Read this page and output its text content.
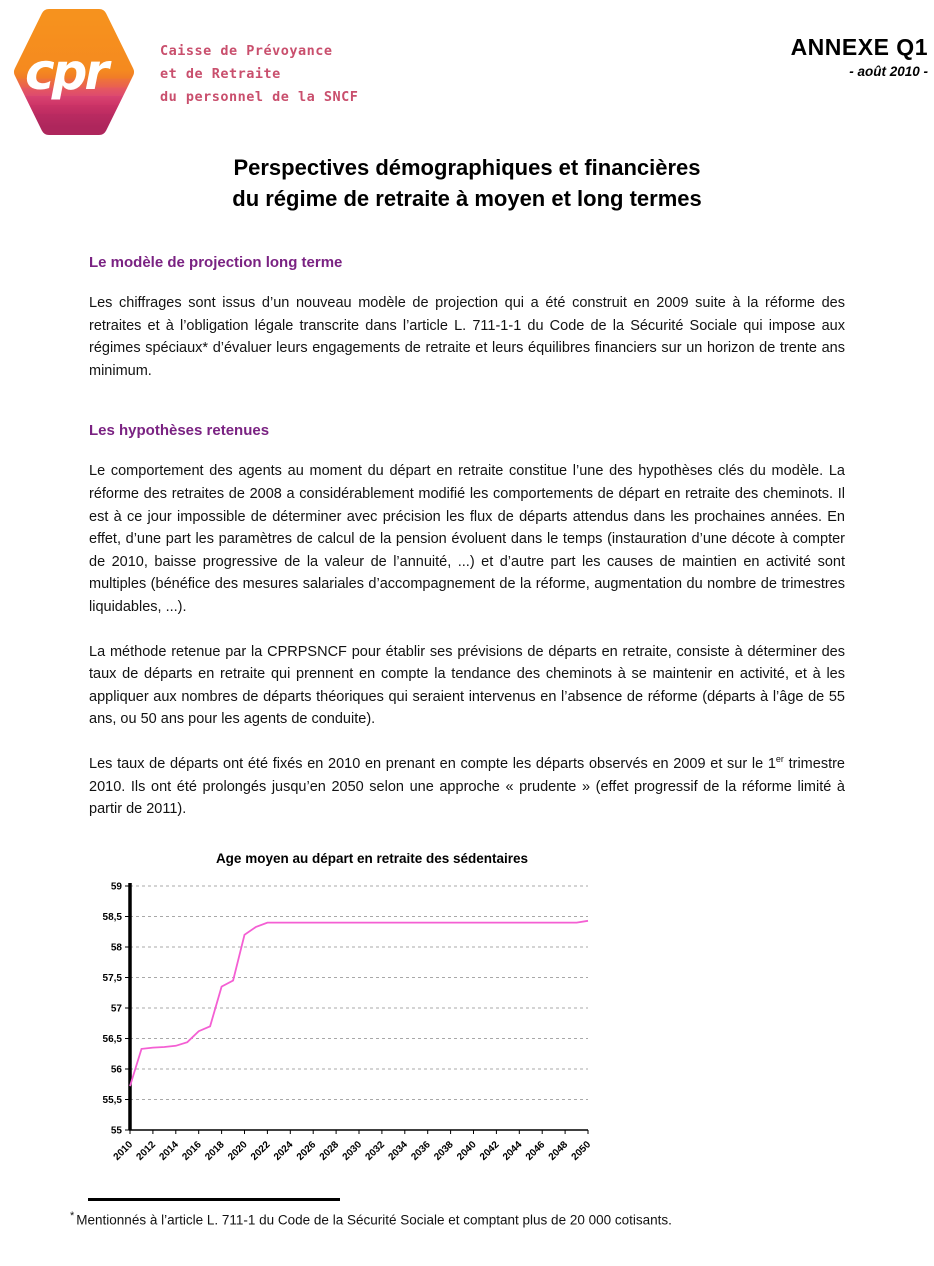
cpr	Caisse de Prévoyance
et de Retraite
du personnel de la SNCF
ANNEXE Q1
- août 2010 -
Perspectives démographiques et financières
du régime de retraite à moyen et long termes
Le modèle de projection long terme

Les chiffrages sont issus d’un nouveau modèle de projection qui a été construit en 2009 suite à la réforme des retraites et à l’obligation légale transcrite dans l’article L. 711-1-1 du Code de la Sécurité Sociale qui impose aux régimes spéciaux* d’évaluer leurs engagements de retraite et leurs équilibres financiers sur un horizon de trente ans minimum.

Les hypothèses retenues

Le comportement des agents au moment du départ en retraite constitue l’une des hypothèses clés du modèle. La réforme des retraites de 2008 a considérablement modifié les comportements de départ en retraite des cheminots. Il est à ce jour impossible de déterminer avec précision les flux de départs attendus dans les prochaines années. En effet, d’une part les paramètres de calcul de la pension évoluent dans le temps (instauration d’une décote à compter de 2010, baisse progressive de la valeur de l’annuité, ...) et d’autre part les causes de maintien en activité sont multiples (bénéfice des mesures salariales d’accompagnement de la réforme, augmentation du nombre de trimestres liquidables, ...).

La méthode retenue par la CPRPSNCF pour établir ses prévisions de départs en retraite, consiste à déterminer des taux de départs en retraite qui prennent en compte la tendance des cheminots à se maintenir en activité, et à les appliquer aux nombres de départs théoriques qui seraient intervenus en l’absence de réforme (départs à l’âge de 55 ans, ou 50 ans pour les agents de conduite).

Les taux de départs ont été fixés en 2010 en prenant en compte les départs observés en 2009 et sur le 1er trimestre 2010. Ils ont été prolongés jusqu’en 2050 selon une approche « prudente » (effet progressif de la réforme limité à partir de 2011).

Age moyen au départ en retraite des sédentaires
55
55,5
56
56,5
57
57,5
58
58,5
59
2010 2012 2014 2016 2018 2020 2022 2024 2026 2028 2030 2032 2034 2036 2038 2040 2042 2044 2046 2048 2050

* Mentionnés à l’article L. 711-1 du Code de la Sécurité Sociale et comptant plus de 20 000 cotisants.
